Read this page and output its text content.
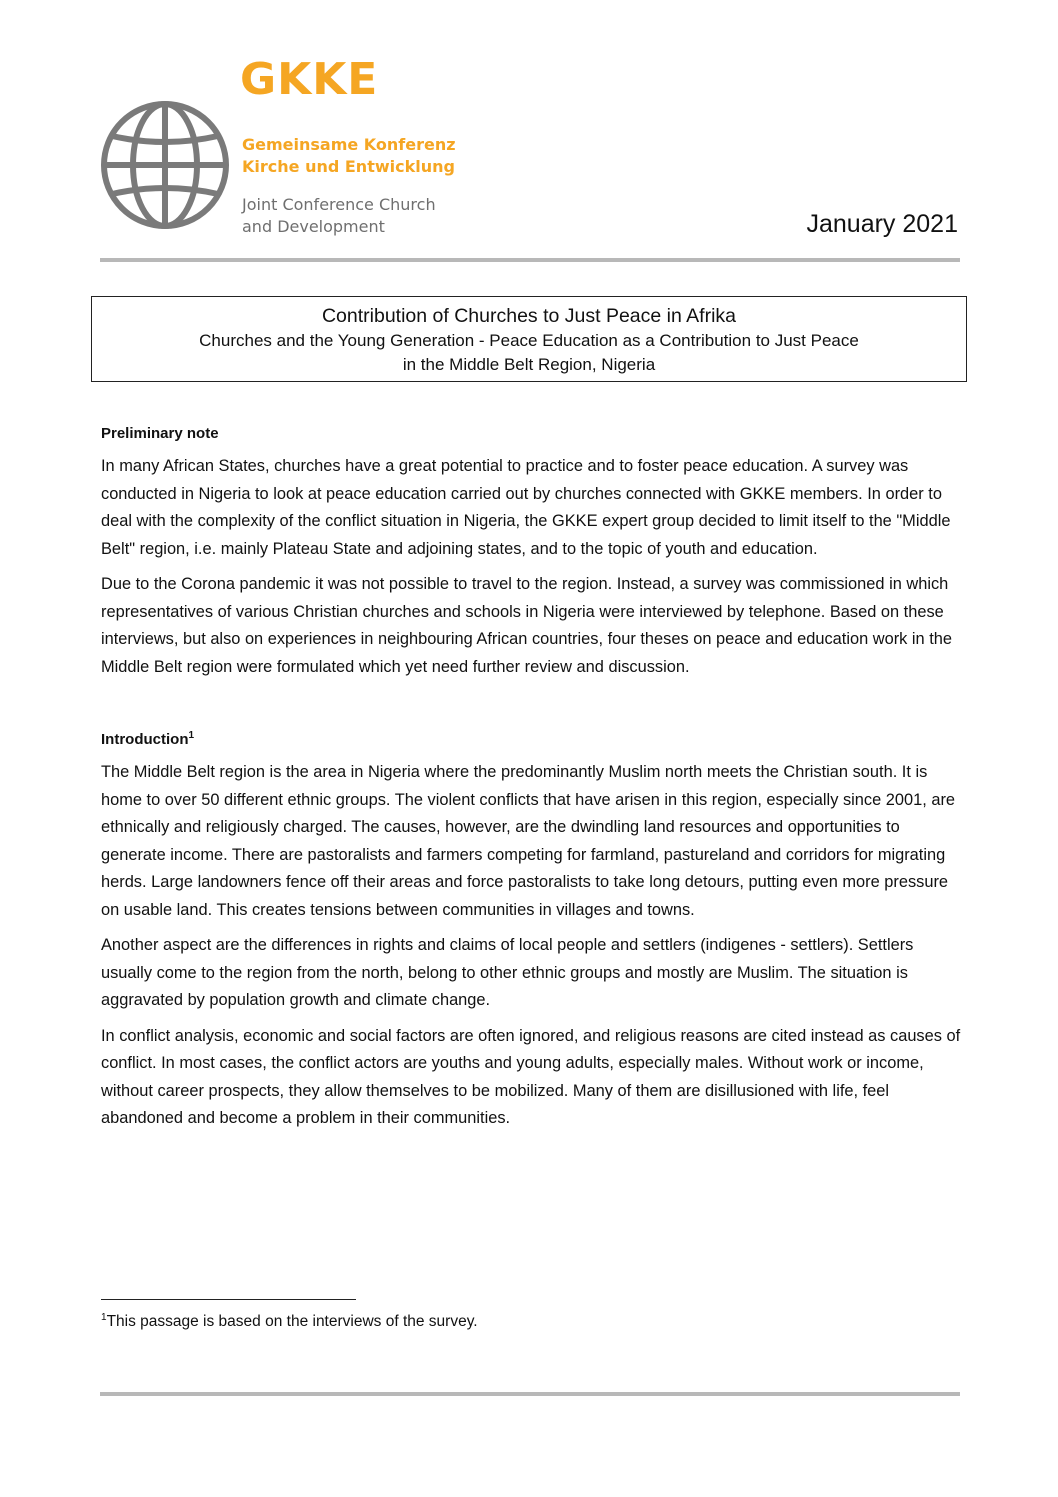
GKKE
Gemeinsame Konferenz
Kirche und Entwicklung
Joint Conference Church
and Development	January 2021
Contribution of Churches to Just Peace in Afrika
Churches and the Young Generation - Peace Education as a Contribution to Just Peace
in the Middle Belt Region, Nigeria
Preliminary note

In many African States, churches have a great potential to practice and to foster peace education. A survey was conducted in Nigeria to look at peace education carried out by churches connected with GKKE members. In order to deal with the complexity of the conflict situation in Nigeria, the GKKE expert group decided to limit itself to the "Middle Belt" region, i.e. mainly Plateau State and adjoining states, and to the topic of youth and education.

Due to the Corona pandemic it was not possible to travel to the region. Instead, a survey was commissioned in which representatives of various Christian churches and schools in Nigeria were interviewed by telephone. Based on these interviews, but also on experiences in neighbouring African countries, four theses on peace and education work in the Middle Belt region were formulated which yet need further review and discussion.

Introduction$^1$

The Middle Belt region is the area in Nigeria where the predominantly Muslim north meets the Christian south. It is home to over 50 different ethnic groups. The violent conflicts that have arisen in this region, especially since 2001, are ethnically and religiously charged. The causes, however, are the dwindling land resources and opportunities to generate income. There are pastoralists and farmers competing for farmland, pastureland and corridors for migrating herds. Large landowners fence off their areas and force pastoralists to take long detours, putting even more pressure on usable land. This creates tensions between communities in villages and towns.

Another aspect are the differences in rights and claims of local people and settlers (indigenes - settlers). Settlers usually come to the region from the north, belong to other ethnic groups and mostly are Muslim. The situation is aggravated by population growth and climate change.

In conflict analysis, economic and social factors are often ignored, and religious reasons are cited instead as causes of conflict. In most cases, the conflict actors are youths and young adults, especially males. Without work or income, without career prospects, they allow themselves to be mobilized. Many of them are disillusioned with life, feel abandoned and become a problem in their communities.

$^1$This passage is based on the interviews of the survey.
